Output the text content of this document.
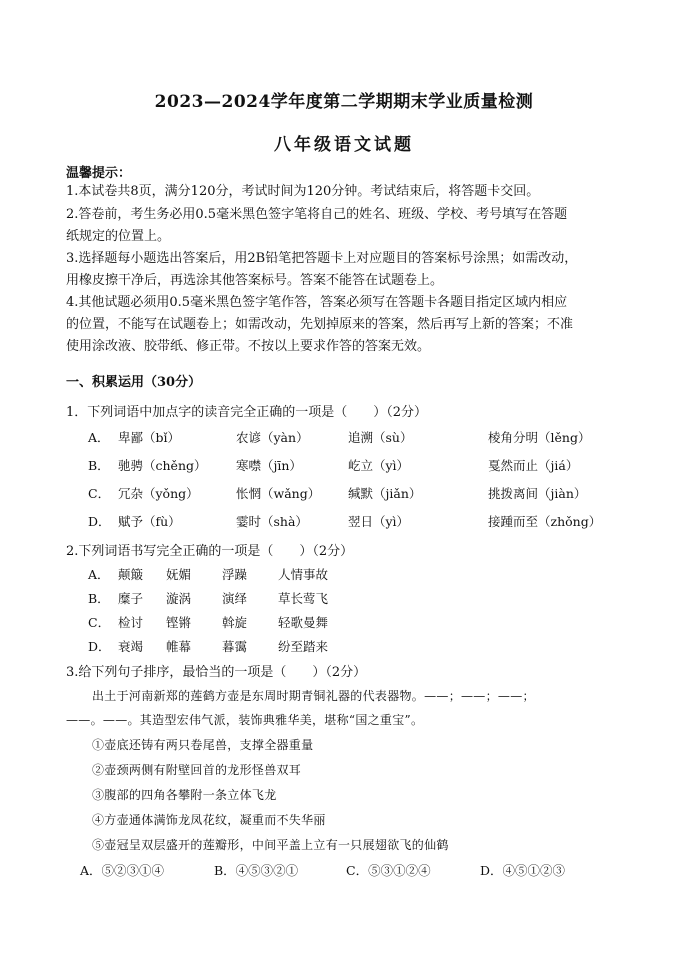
2023—2024学年度第二学期期末学业质量检测
八年级语文试题
温馨提示：
1.本试卷共8页，满分120分，考试时间为120分钟。考试结束后，将答题卡交回。
2.答卷前，考生务必用0.5毫米黑色签字笔将自己的姓名、班级、学校、考号填写在答题
纸规定的位置上。
3.选择题每小题选出答案后，用2B铅笔把答题卡上对应题目的答案标号涂黑；如需改动，
用橡皮擦干净后，再选涂其他答案标号。答案不能答在试题卷上。
4.其他试题必须用0.5毫米黑色签字笔作答，答案必须写在答题卡各题目指定区域内相应
的位置，不能写在试题卷上；如需改动，先划掉原来的答案，然后再写上新的答案；不准
使用涂改液、胶带纸、修正带。不按以上要求作答的答案无效。
一、积累运用（30分）
1．下列词语中加点字的读音完全正确的一项是（　　）（2分）
A． 卑鄙（bǐ）	农谚（yàn）	追溯（sù）	棱角分明（lěng）
B． 驰骋（chěng） 寒噤（jīn）	屹立（yì）	戛然而止（jiá）
C． 冗杂（yǒng）	怅惘（wǎng） 缄默（jiǎn）	挑拨离间（jiàn）
D． 赋予（fù）	霎时（shà）	翌日（yì）	接踵而至（zhǒng）
2.下列词语书写完全正确的一项是（　　）（2分）
A． 颠簸 妩媚 浮躁 人情事故
B． 糜子 漩涡 演绎 草长莺飞
C． 检讨 铿锵 斡旋 轻歌曼舞
D． 衰竭 帷幕 暮霭 纷至踏来
3.给下列句子排序，最恰当的一项是（　　）（2分）
出土于河南新郑的莲鹤方壶是东周时期青铜礼器的代表器物。——；——；——；
——。——。其造型宏伟气派，装饰典雅华美，堪称“国之重宝”。
①壶底还铸有两只卷尾兽，支撑全器重量
②壶颈两侧有附壁回首的龙形怪兽双耳
③腹部的四角各攀附一条立体飞龙
④方壶通体满饰龙凤花纹，凝重而不失华丽
⑤壶冠呈双层盛开的莲瓣形，中间平盖上立有一只展翅欲飞的仙鹤
A．⑤②③①④	B．④⑤③②①	C．⑤③①②④	D．④⑤①②③
